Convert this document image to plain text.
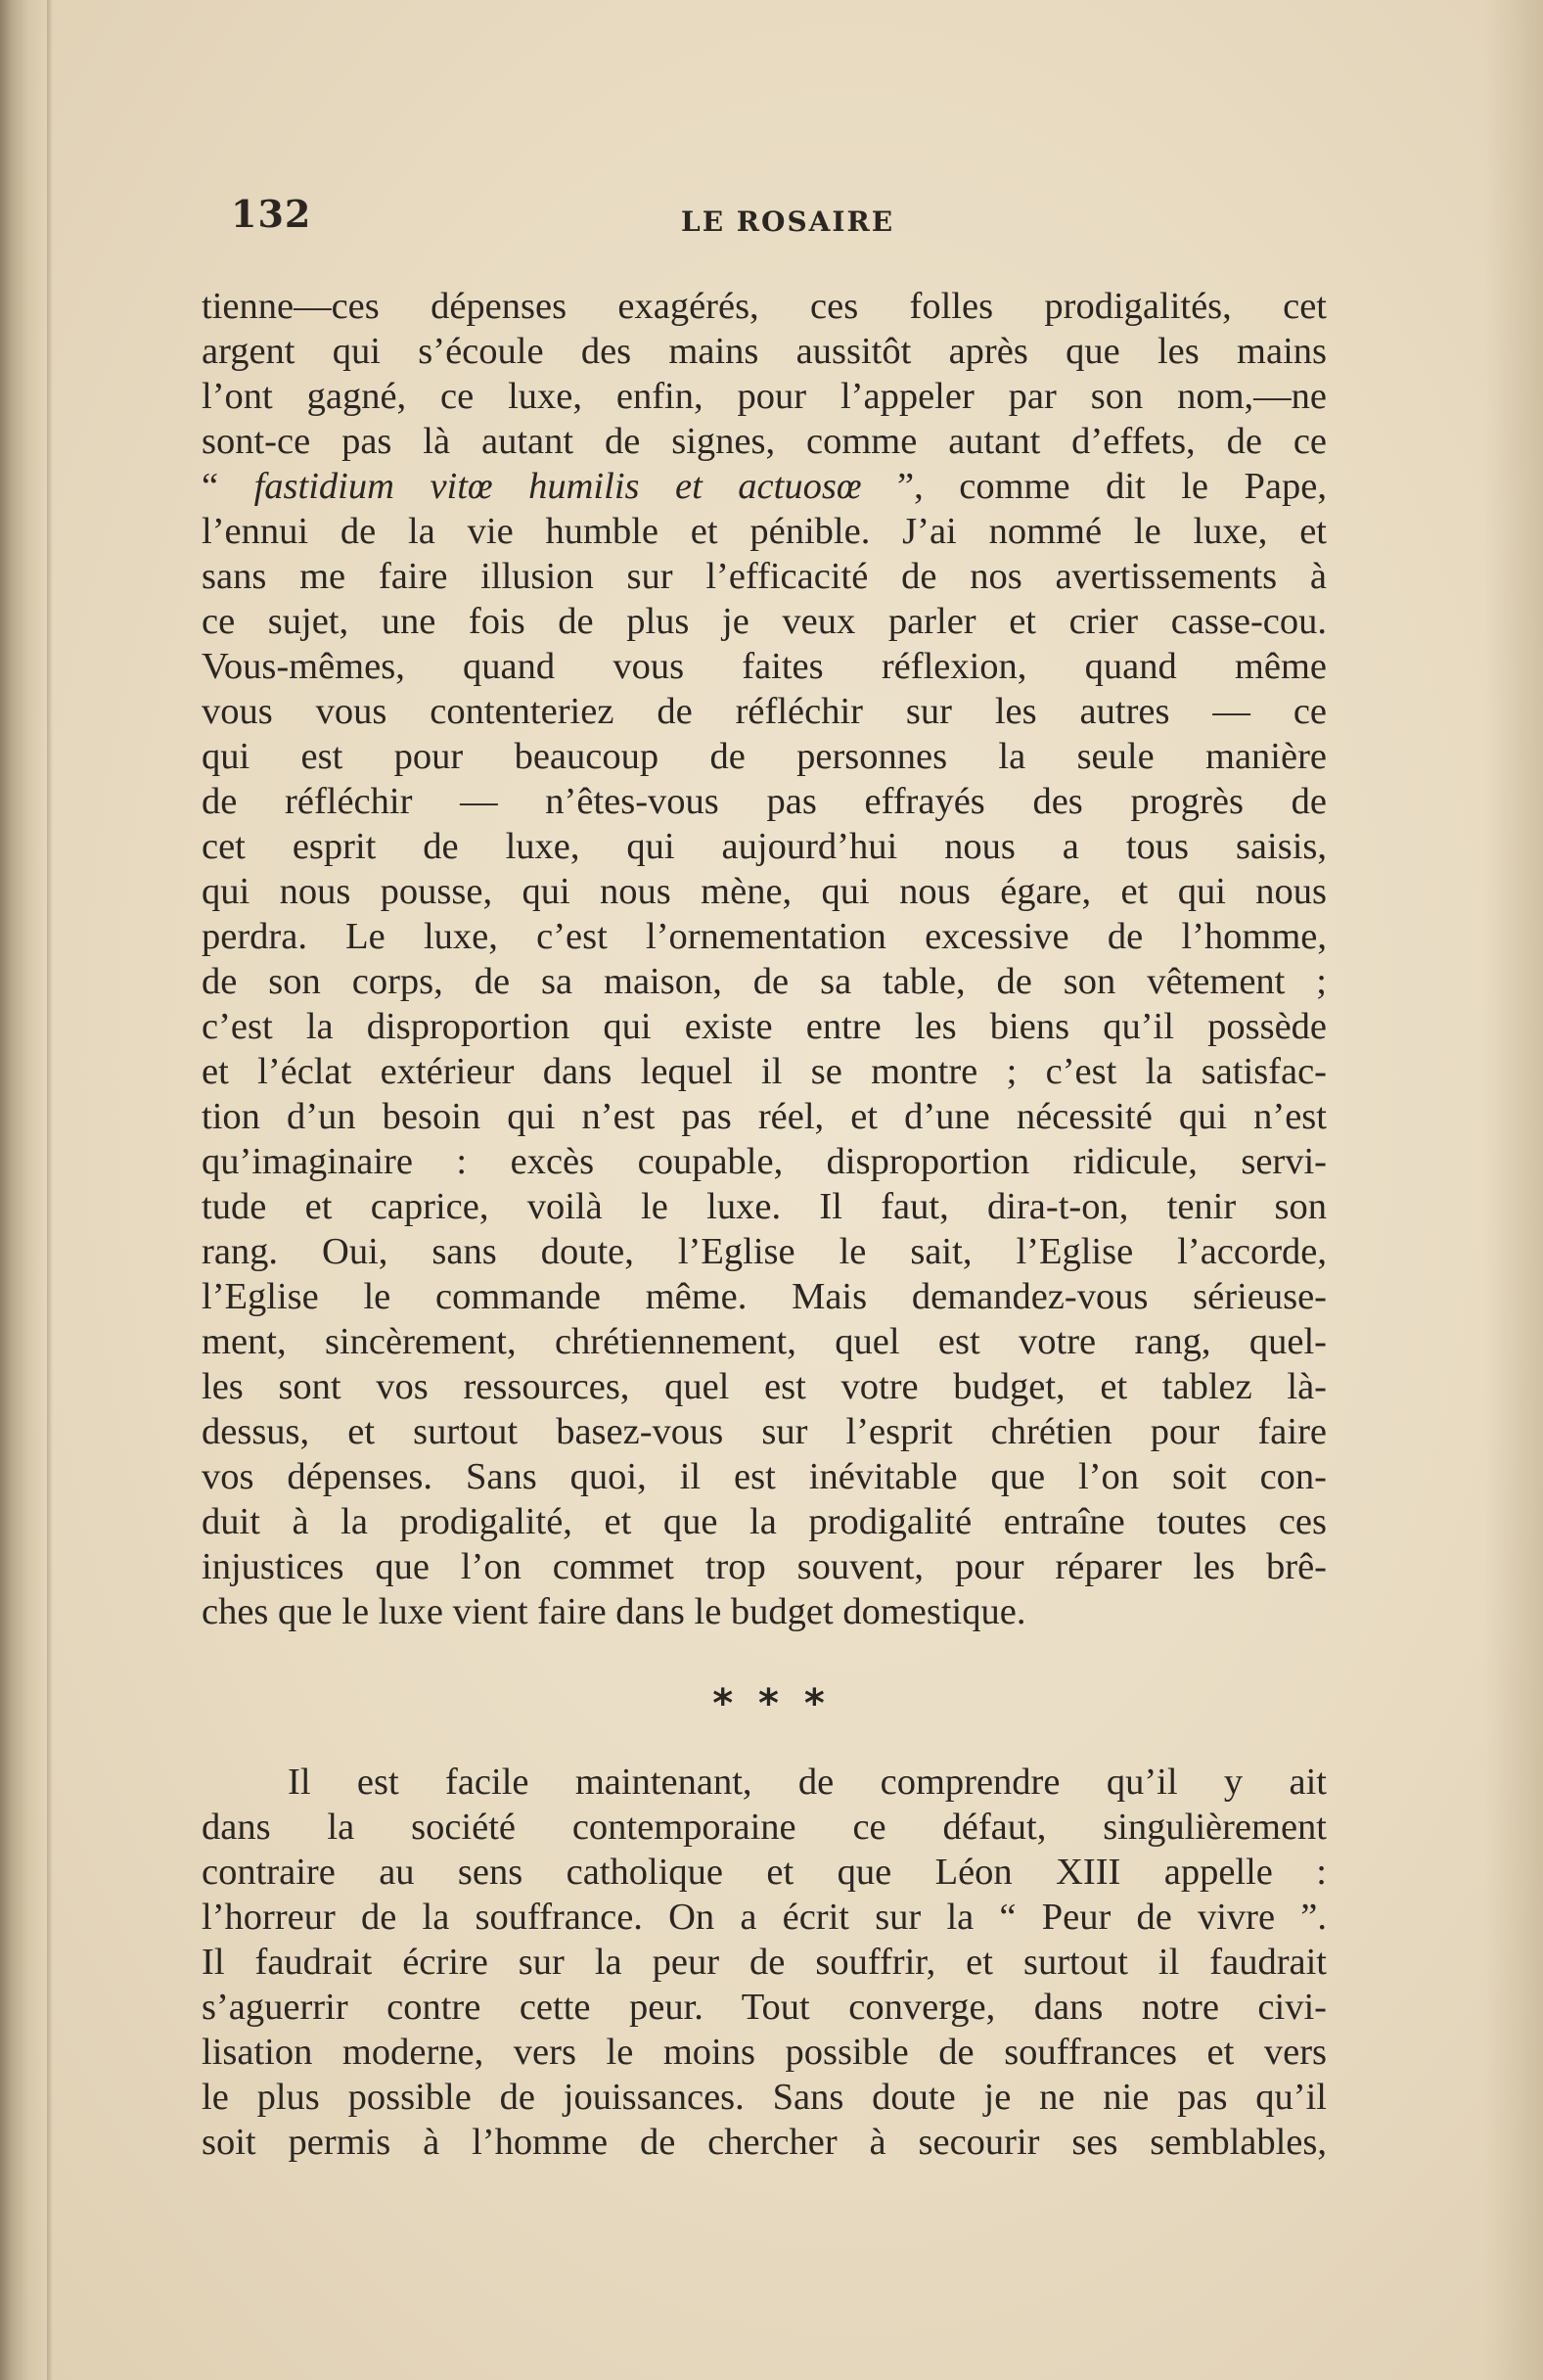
132	LE ROSAIRE
tienne—ces dépenses exagérés, ces folles prodigalités, cet
argent qui s’écoule des mains aussitôt après que les mains
l’ont gagné, ce luxe, enfin, pour l’appeler par son nom,—ne
sont-ce pas là autant de signes, comme autant d’effets, de ce
“ fastidium vitœ humilis et actuosœ ”, comme dit le Pape,
l’ennui de la vie humble et pénible. J’ai nommé le luxe, et
sans me faire illusion sur l’efficacité de nos avertissements à
ce sujet, une fois de plus je veux parler et crier casse-cou.
Vous-mêmes, quand vous faites réflexion, quand même
vous vous contenteriez de réfléchir sur les autres — ce
qui est pour beaucoup de personnes la seule manière
de réfléchir — n’êtes-vous pas effrayés des progrès de
cet esprit de luxe, qui aujourd’hui nous a tous saisis,
qui nous pousse, qui nous mène, qui nous égare, et qui nous
perdra. Le luxe, c’est l’ornementation excessive de l’homme,
de son corps, de sa maison, de sa table, de son vêtement ;
c’est la disproportion qui existe entre les biens qu’il possède
et l’éclat extérieur dans lequel il se montre ; c’est la satisfac-
tion d’un besoin qui n’est pas réel, et d’une nécessité qui n’est
qu’imaginaire : excès coupable, disproportion ridicule, servi-
tude et caprice, voilà le luxe. Il faut, dira-t-on, tenir son
rang. Oui, sans doute, l’Eglise le sait, l’Eglise l’accorde,
l’Eglise le commande même. Mais demandez-vous sérieuse-
ment, sincèrement, chrétiennement, quel est votre rang, quel-
les sont vos ressources, quel est votre budget, et tablez là-
dessus, et surtout basez-vous sur l’esprit chrétien pour faire
vos dépenses. Sans quoi, il est inévitable que l’on soit con-
duit à la prodigalité, et que la prodigalité entraîne toutes ces
injustices que l’on commet trop souvent, pour réparer les brê-
ches que le luxe vient faire dans le budget domestique.
* * *
Il est facile maintenant, de comprendre qu’il y ait
dans la société contemporaine ce défaut, singulièrement
contraire au sens catholique et que Léon XIII appelle :
l’horreur de la souffrance. On a écrit sur la “ Peur de vivre ”.
Il faudrait écrire sur la peur de souffrir, et surtout il faudrait
s’aguerrir contre cette peur. Tout converge, dans notre civi-
lisation moderne, vers le moins possible de souffrances et vers
le plus possible de jouissances. Sans doute je ne nie pas qu’il
soit permis à l’homme de chercher à secourir ses semblables,
